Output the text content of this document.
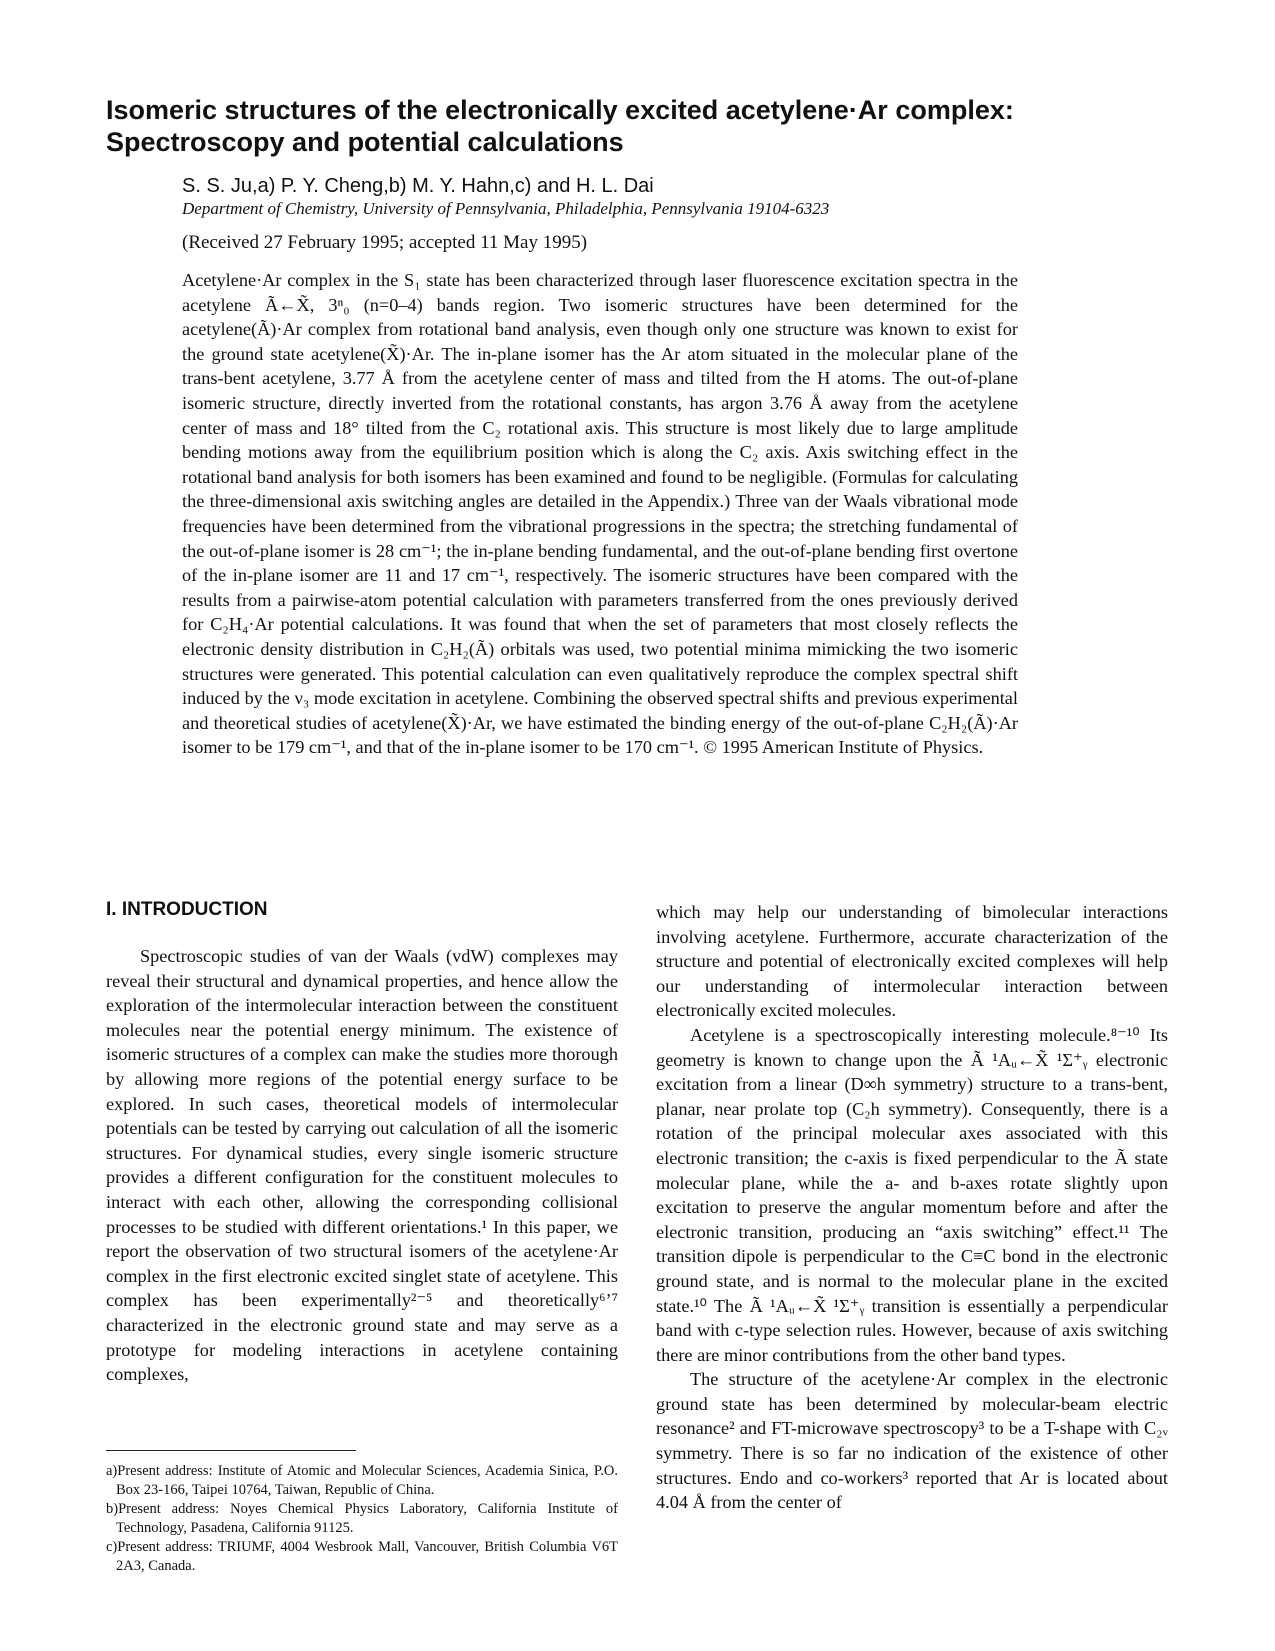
Isomeric structures of the electronically excited acetylene·Ar complex: Spectroscopy and potential calculations
S. S. Ju,a) P. Y. Cheng,b) M. Y. Hahn,c) and H. L. Dai
Department of Chemistry, University of Pennsylvania, Philadelphia, Pennsylvania 19104-6323
(Received 27 February 1995; accepted 11 May 1995)

Acetylene·Ar complex in the S₁ state has been characterized through laser fluorescence excitation spectra in the acetylene Ã←X̃, 3ⁿ₀ (n=0–4) bands region. Two isomeric structures have been determined for the acetylene(Ã)·Ar complex from rotational band analysis, even though only one structure was known to exist for the ground state acetylene(X̃)·Ar. The in-plane isomer has the Ar atom situated in the molecular plane of the trans-bent acetylene, 3.77 Å from the acetylene center of mass and tilted from the H atoms. The out-of-plane isomeric structure, directly inverted from the rotational constants, has argon 3.76 Å away from the acetylene center of mass and 18° tilted from the C₂ rotational axis. This structure is most likely due to large amplitude bending motions away from the equilibrium position which is along the C₂ axis. Axis switching effect in the rotational band analysis for both isomers has been examined and found to be negligible. (Formulas for calculating the three-dimensional axis switching angles are detailed in the Appendix.) Three van der Waals vibrational mode frequencies have been determined from the vibrational progressions in the spectra; the stretching fundamental of the out-of-plane isomer is 28 cm⁻¹; the in-plane bending fundamental, and the out-of-plane bending first overtone of the in-plane isomer are 11 and 17 cm⁻¹, respectively. The isomeric structures have been compared with the results from a pairwise-atom potential calculation with parameters transferred from the ones previously derived for C₂H₄·Ar potential calculations. It was found that when the set of parameters that most closely reflects the electronic density distribution in C₂H₂(Ã) orbitals was used, two potential minima mimicking the two isomeric structures were generated. This potential calculation can even qualitatively reproduce the complex spectral shift induced by the ν₃ mode excitation in acetylene. Combining the observed spectral shifts and previous experimental and theoretical studies of acetylene(X̃)·Ar, we have estimated the binding energy of the out-of-plane C₂H₂(Ã)·Ar isomer to be 179 cm⁻¹, and that of the in-plane isomer to be 170 cm⁻¹. © 1995 American Institute of Physics.

I. INTRODUCTION

Spectroscopic studies of van der Waals (vdW) complexes may reveal their structural and dynamical properties, and hence allow the exploration of the intermolecular interaction between the constituent molecules near the potential energy minimum. The existence of isomeric structures of a complex can make the studies more thorough by allowing more regions of the potential energy surface to be explored. In such cases, theoretical models of intermolecular potentials can be tested by carrying out calculation of all the isomeric structures. For dynamical studies, every single isomeric structure provides a different configuration for the constituent molecules to interact with each other, allowing the corresponding collisional processes to be studied with different orientations.¹ In this paper, we report the observation of two structural isomers of the acetylene·Ar complex in the first electronic excited singlet state of acetylene. This complex has been experimentally²⁻⁵ and theoretically⁶ʼ⁷ characterized in the electronic ground state and may serve as a prototype for modeling interactions in acetylene containing complexes,

which may help our understanding of bimolecular interactions involving acetylene. Furthermore, accurate characterization of the structure and potential of electronically excited complexes will help our understanding of intermolecular interaction between electronically excited molecules.

Acetylene is a spectroscopically interesting molecule.⁸⁻¹⁰ Its geometry is known to change upon the Ã ¹Aᵤ←X̃ ¹Σ⁺ᵧ electronic excitation from a linear (D∞h symmetry) structure to a trans-bent, planar, near prolate top (C₂h symmetry). Consequently, there is a rotation of the principal molecular axes associated with this electronic transition; the c-axis is fixed perpendicular to the Ã state molecular plane, while the a- and b-axes rotate slightly upon excitation to preserve the angular momentum before and after the electronic transition, producing an “axis switching” effect.¹¹ The transition dipole is perpendicular to the C≡C bond in the electronic ground state, and is normal to the molecular plane in the excited state.¹⁰ The Ã ¹Aᵤ←X̃ ¹Σ⁺ᵧ transition is essentially a perpendicular band with c-type selection rules. However, because of axis switching there are minor contributions from the other band types.

The structure of the acetylene·Ar complex in the electronic ground state has been determined by molecular-beam electric resonance² and FT-microwave spectroscopy³ to be a T-shape with C₂ᵥ symmetry. There is so far no indication of the existence of other structures. Endo and co-workers³ reported that Ar is located about 4.04 Å from the center of

a)Present address: Institute of Atomic and Molecular Sciences, Academia Sinica, P.O. Box 23-166, Taipei 10764, Taiwan, Republic of China.

b)Present address: Noyes Chemical Physics Laboratory, California Institute of Technology, Pasadena, California 91125.

c)Present address: TRIUMF, 4004 Wesbrook Mall, Vancouver, British Columbia V6T 2A3, Canada.
